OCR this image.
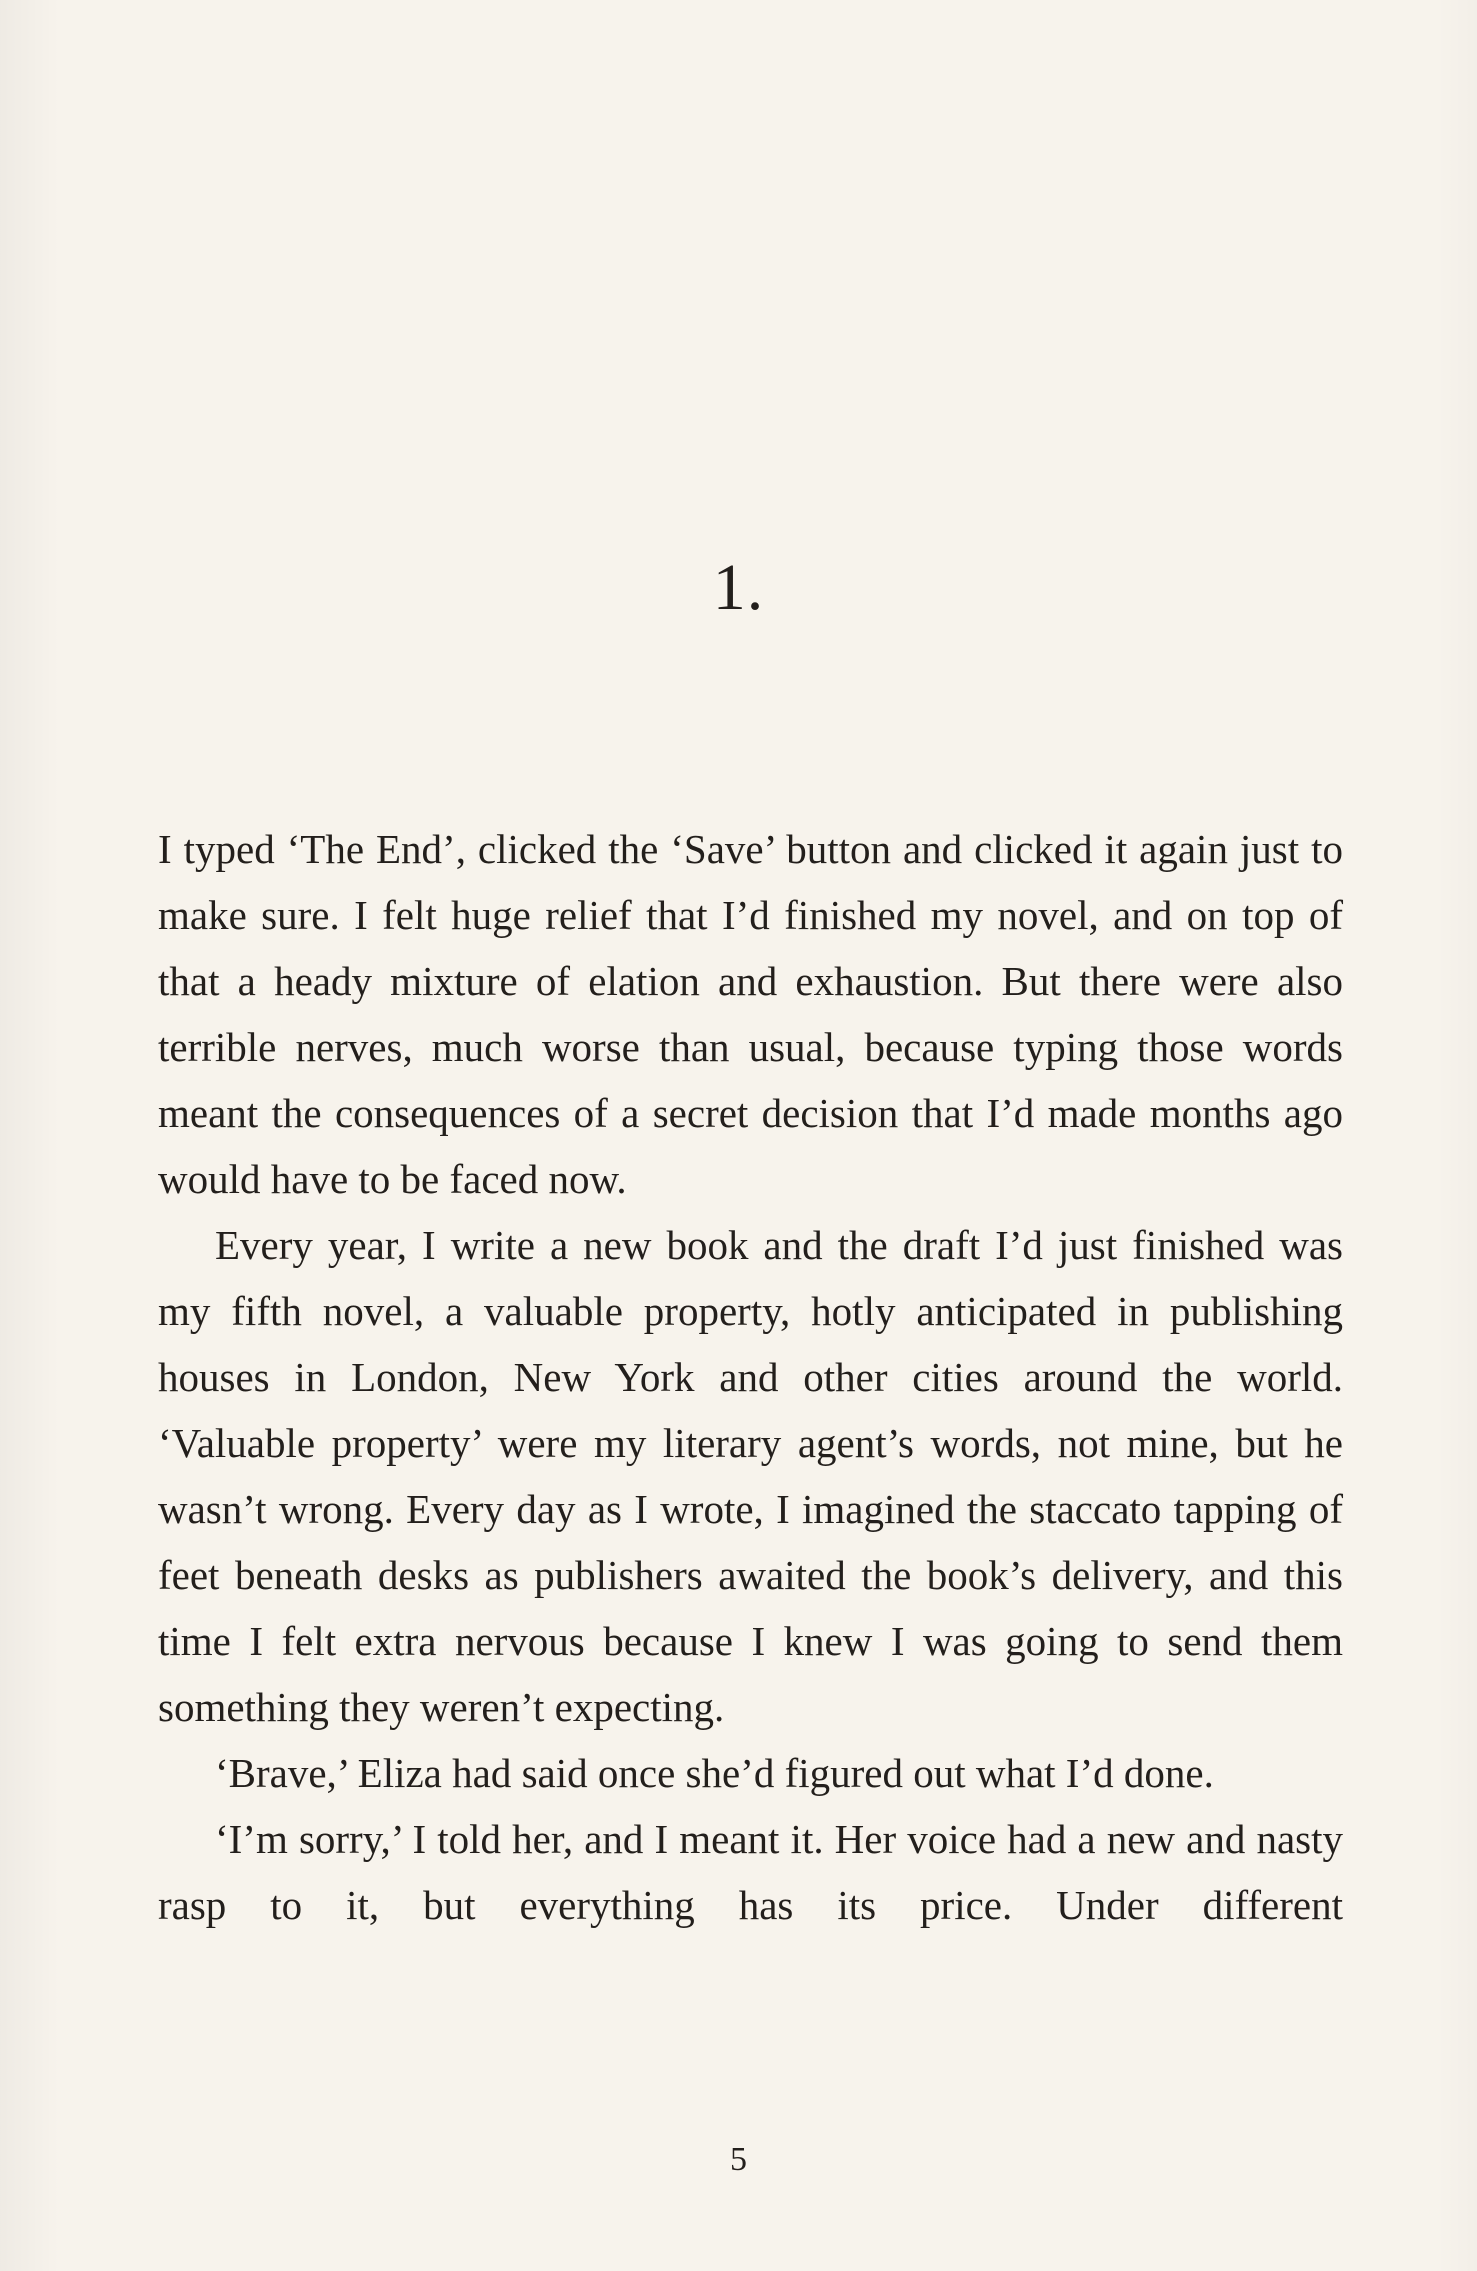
1.

I typed ‘The End’, clicked the ‘Save’ button and clicked it again just to make sure. I felt huge relief that I’d finished my novel, and on top of that a heady mixture of elation and exhaustion. But there were also terrible nerves, much worse than usual, because typing those words meant the consequences of a secret decision that I’d made months ago would have to be faced now.

Every year, I write a new book and the draft I’d just finished was my fifth novel, a valuable property, hotly anticipated in publishing houses in London, New York and other cities around the world. ‘Valuable property’ were my literary agent’s words, not mine, but he wasn’t wrong. Every day as I wrote, I imagined the staccato tapping of feet beneath desks as publishers awaited the book’s delivery, and this time I felt extra nervous because I knew I was going to send them something they weren’t expecting.

‘Brave,’ Eliza had said once she’d figured out what I’d done.

‘I’m sorry,’ I told her, and I meant it. Her voice had a new and nasty rasp to it, but everything has its price. Under different

5
